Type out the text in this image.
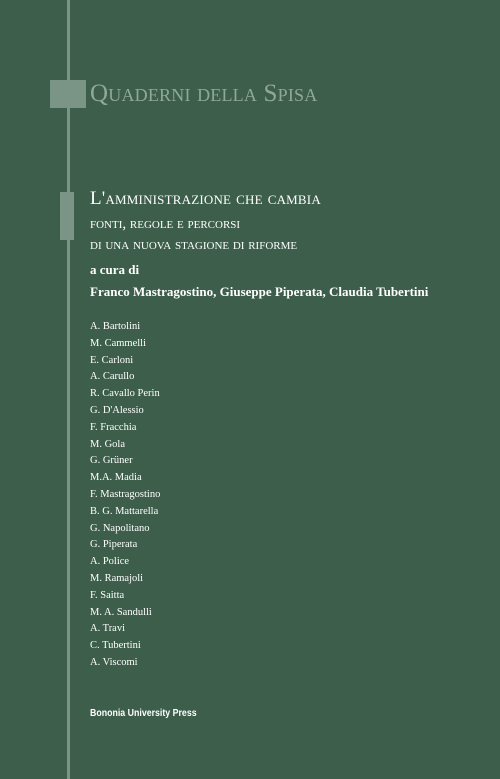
Quaderni della Spisa
L'amministrazione che cambia
fonti, regole e percorsi
di una nuova stagione di riforme
a cura di
Franco Mastragostino, Giuseppe Piperata, Claudia Tubertini
A. Bartolini
M. Cammelli
E. Carloni
A. Carullo
R. Cavallo Perin
G. D'Alessio
F. Fracchia
M. Gola
G. Grüner
M.A. Madia
F. Mastragostino
B. G. Mattarella
G. Napolitano
G. Piperata
A. Police
M. Ramajoli
F. Saitta
M. A. Sandulli
A. Travi
C. Tubertini
A. Viscomi
Bononia University Press
